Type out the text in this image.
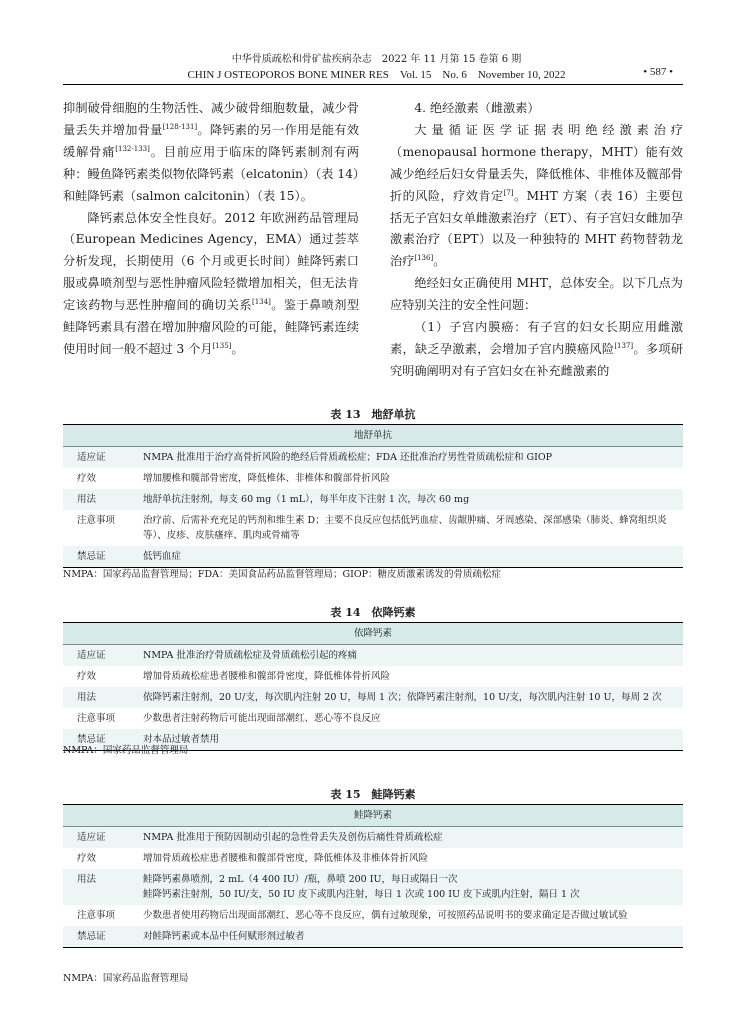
中华骨质疏松和骨矿盐疾病杂志　2022 年 11 月第 15 卷第 6 期
CHIN J OSTEOPOROS BONE MINER RES　Vol. 15　No. 6　November 10, 2022	• 587 •

抑制破骨细胞的生物活性、减少破骨细胞数量，减少骨量丢失并增加骨量[128-131]。降钙素的另一作用是能有效缓解骨痛[132-133]。目前应用于临床的降钙素制剂有两种：鳗鱼降钙素类似物依降钙素（elcatonin）（表 14）和鲑降钙素（salmon calcitonin）（表 15）。

降钙素总体安全性良好。2012 年欧洲药品管理局（European Medicines Agency，EMA）通过荟萃分析发现，长期使用（6 个月或更长时间）鲑降钙素口服或鼻喷剂型与恶性肿瘤风险轻微增加相关，但无法肯定该药物与恶性肿瘤间的确切关系[134]。鉴于鼻喷剂型鲑降钙素具有潜在增加肿瘤风险的可能，鲑降钙素连续使用时间一般不超过 3 个月[135]。

4. 绝经激素（雌激素）

大量循证医学证据表明绝经激素治疗（menopausal hormone therapy，MHT）能有效减少绝经后妇女骨量丢失，降低椎体、非椎体及髋部骨折的风险，疗效肯定[7]。MHT 方案（表 16）主要包括无子宫妇女单雌激素治疗（ET）、有子宫妇女雌加孕激素治疗（EPT）以及一种独特的 MHT 药物替勃龙治疗[136]。

绝经妇女正确使用 MHT，总体安全。以下几点为应特别关注的安全性问题：

（1）子宫内膜癌：有子宫的妇女长期应用雌激素，缺乏孕激素，会增加子宫内膜癌风险[137]。多项研究明确阐明对有子宫妇女在补充雌激素的

表 13　地舒单抗
地舒单抗	
适应证	NMPA 批准用于治疗高骨折风险的绝经后骨质疏松症；FDA 还批准治疗男性骨质疏松症和 GIOP
疗效	增加腰椎和髋部骨密度，降低椎体、非椎体和髋部骨折风险
用法	地舒单抗注射剂，每支 60 mg（1 mL），每半年皮下注射 1 次，每次 60 mg
注意事项	治疗前、后需补充充足的钙剂和维生素 D；主要不良反应包括低钙血症、齿龈肿痛、牙周感染、深部感染（肺炎、蜂窝组织炎等）、皮疹、皮肤瘙痒、肌肉或骨痛等
禁忌证	低钙血症
NMPA：国家药品监督管理局；FDA：美国食品药品监督管理局；GIOP：糖皮质激素诱发的骨质疏松症
表 14　依降钙素
依降钙素	
适应证	NMPA 批准治疗骨质疏松症及骨质疏松引起的疼痛
疗效	增加骨质疏松症患者腰椎和髋部骨密度，降低椎体骨折风险
用法	依降钙素注射剂，20 U/支，每次肌内注射 20 U，每周 1 次；依降钙素注射剂，10 U/支，每次肌内注射 10 U，每周 2 次
注意事项	少数患者注射药物后可能出现面部潮红、恶心等不良反应
禁忌证	对本品过敏者禁用
NMPA：国家药品监督管理局
表 15　鲑降钙素
鲑降钙素	
适应证	NMPA 批准用于预防因制动引起的急性骨丢失及创伤后痛性骨质疏松症
疗效	增加骨质疏松症患者腰椎和髋部骨密度，降低椎体及非椎体骨折风险
用法	鲑降钙素鼻喷剂，2 mL（4 400 IU）/瓶，鼻喷 200 IU，每日或隔日一次
鲑降钙素注射剂，50 IU/支，50 IU 皮下或肌内注射，每日 1 次或 100 IU 皮下或肌内注射，隔日 1 次

注意事项	少数患者使用药物后出现面部潮红、恶心等不良反应，偶有过敏现象，可按照药品说明书的要求确定是否做过敏试验
禁忌证	对鲑降钙素或本品中任何赋形剂过敏者
NMPA：国家药品监督管理局
